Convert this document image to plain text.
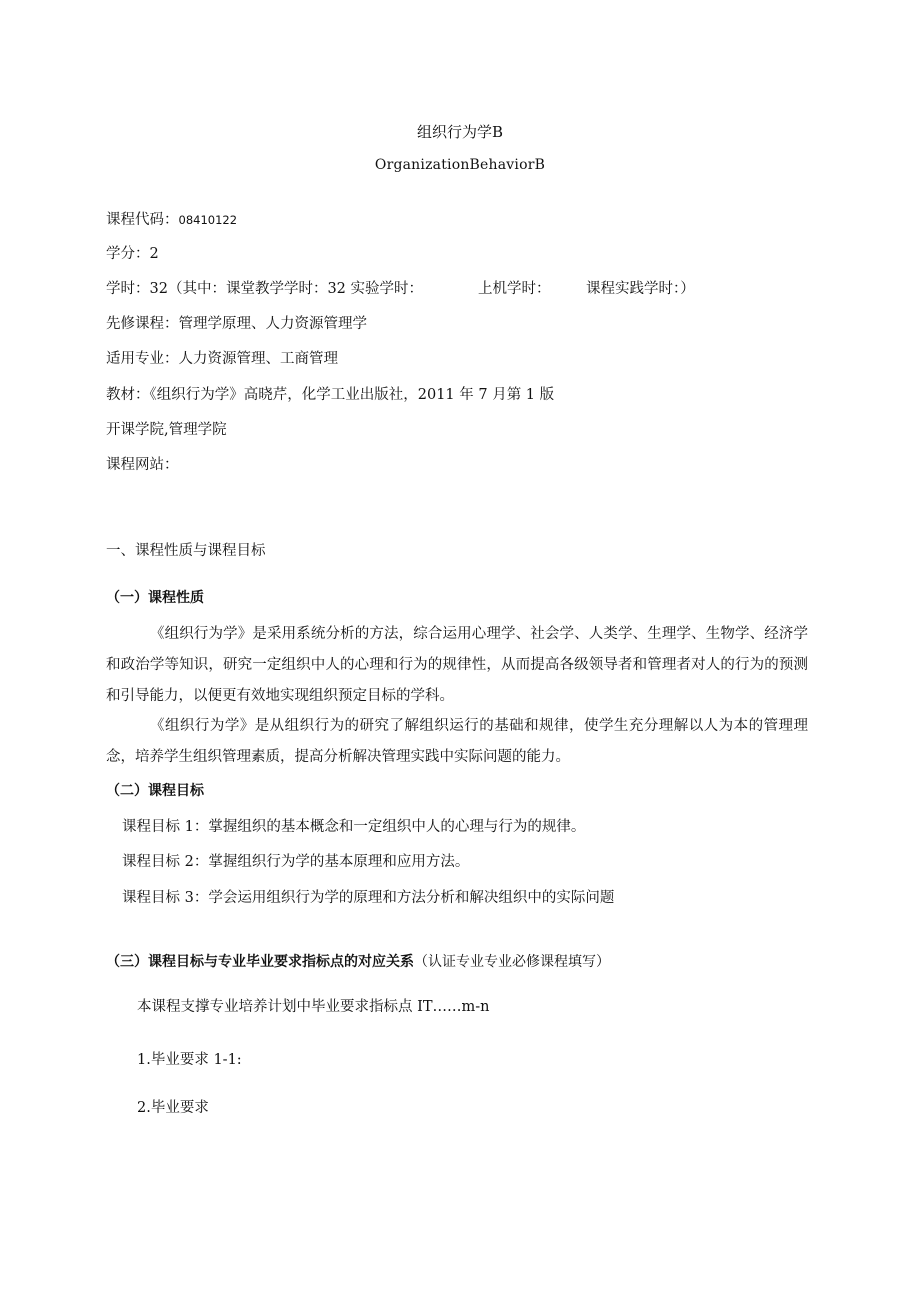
组织行为学B
OrganizationBehaviorB
课程代码：08410122
学分：2
学时：32（其中：课堂教学学时：32 实验学时：	上机学时： 课程实践学时：）
先修课程：管理学原理、人力资源管理学
适用专业：人力资源管理、工商管理
教材：《组织行为学》高晓芹，化学工业出版社，2011 年 7 月第 1 版
开课学院,管理学院
课程网站：
一、课程性质与课程目标
（一）课程性质
《组织行为学》是采用系统分析的方法，综合运用心理学、社会学、人类学、生理学、生物学、经济学和政治学等知识，研究一定组织中人的心理和行为的规律性，从而提高各级领导者和管理者对人的行为的预测和引导能力，以便更有效地实现组织预定目标的学科。
《组织行为学》是从组织行为的研究了解组织运行的基础和规律，使学生充分理解以人为本的管理理念，培养学生组织管理素质，提高分析解决管理实践中实际问题的能力。
（二）课程目标
课程目标 1：掌握组织的基本概念和一定组织中人的心理与行为的规律。
课程目标 2：掌握组织行为学的基本原理和应用方法。
课程目标 3：学会运用组织行为学的原理和方法分析和解决组织中的实际问题
（三）课程目标与专业毕业要求指标点的对应关系（认证专业专业必修课程填写）
本课程支撑专业培养计划中毕业要求指标点 IT……m-n
1.毕业要求 1-1:
2.毕业要求
